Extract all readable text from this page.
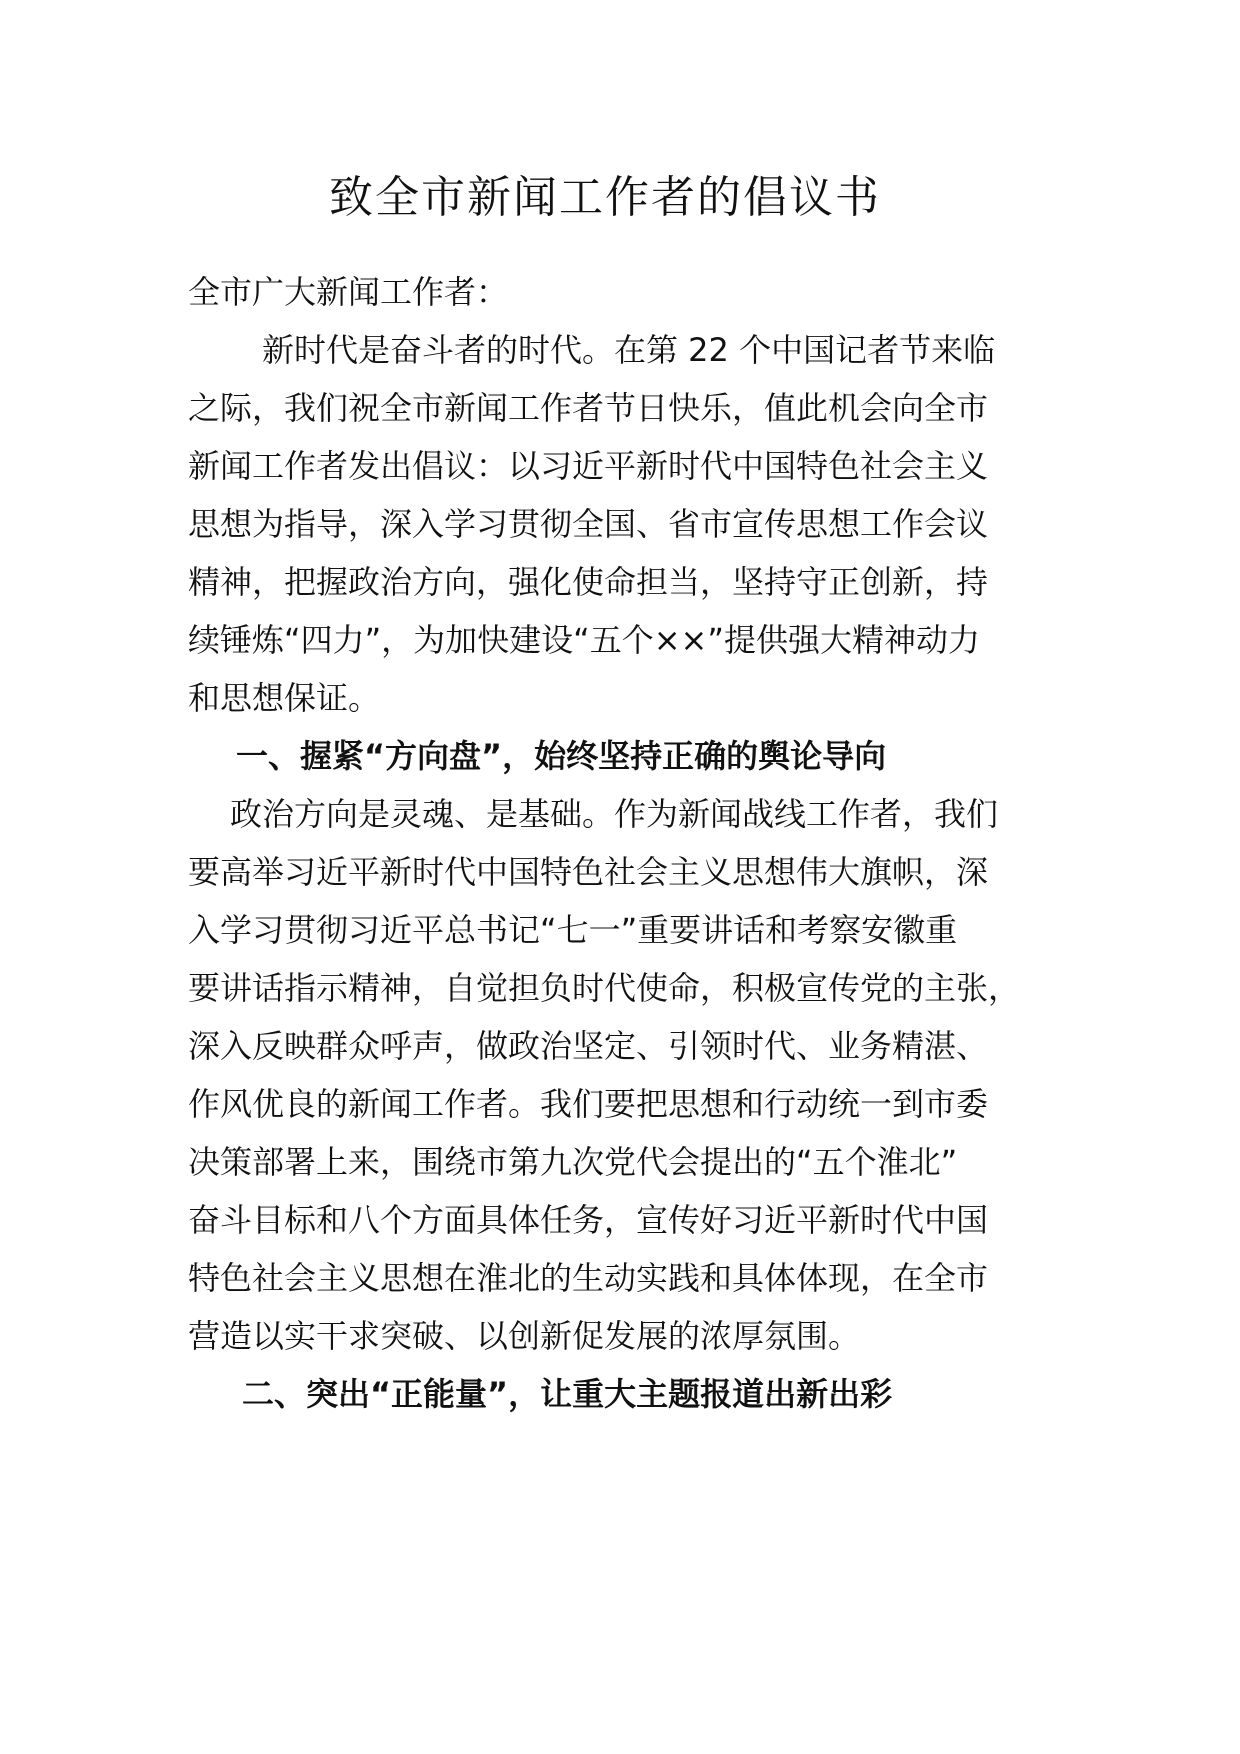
致全市新闻工作者的倡议书

全市广大新闻工作者：

新时代是奋斗者的时代。在第 22 个中国记者节来临

之际，我们祝全市新闻工作者节日快乐，值此机会向全市

新闻工作者发出倡议：以习近平新时代中国特色社会主义

思想为指导，深入学习贯彻全国、省市宣传思想工作会议

精神，把握政治方向，强化使命担当，坚持守正创新，持

续锤炼“四力”，为加快建设“五个××”提供强大精神动力

和思想保证。

一、握紧“方向盘”，始终坚持正确的舆论导向

政治方向是灵魂、是基础。作为新闻战线工作者，我们

要高举习近平新时代中国特色社会主义思想伟大旗帜，深

入学习贯彻习近平总书记“七一”重要讲话和考察安徽重

要讲话指示精神，自觉担负时代使命，积极宣传党的主张，

深入反映群众呼声，做政治坚定、引领时代、业务精湛、

作风优良的新闻工作者。我们要把思想和行动统一到市委

决策部署上来，围绕市第九次党代会提出的“五个淮北”

奋斗目标和八个方面具体任务，宣传好习近平新时代中国

特色社会主义思想在淮北的生动实践和具体体现，在全市

营造以实干求突破、以创新促发展的浓厚氛围。

二、突出“正能量”，让重大主题报道出新出彩
